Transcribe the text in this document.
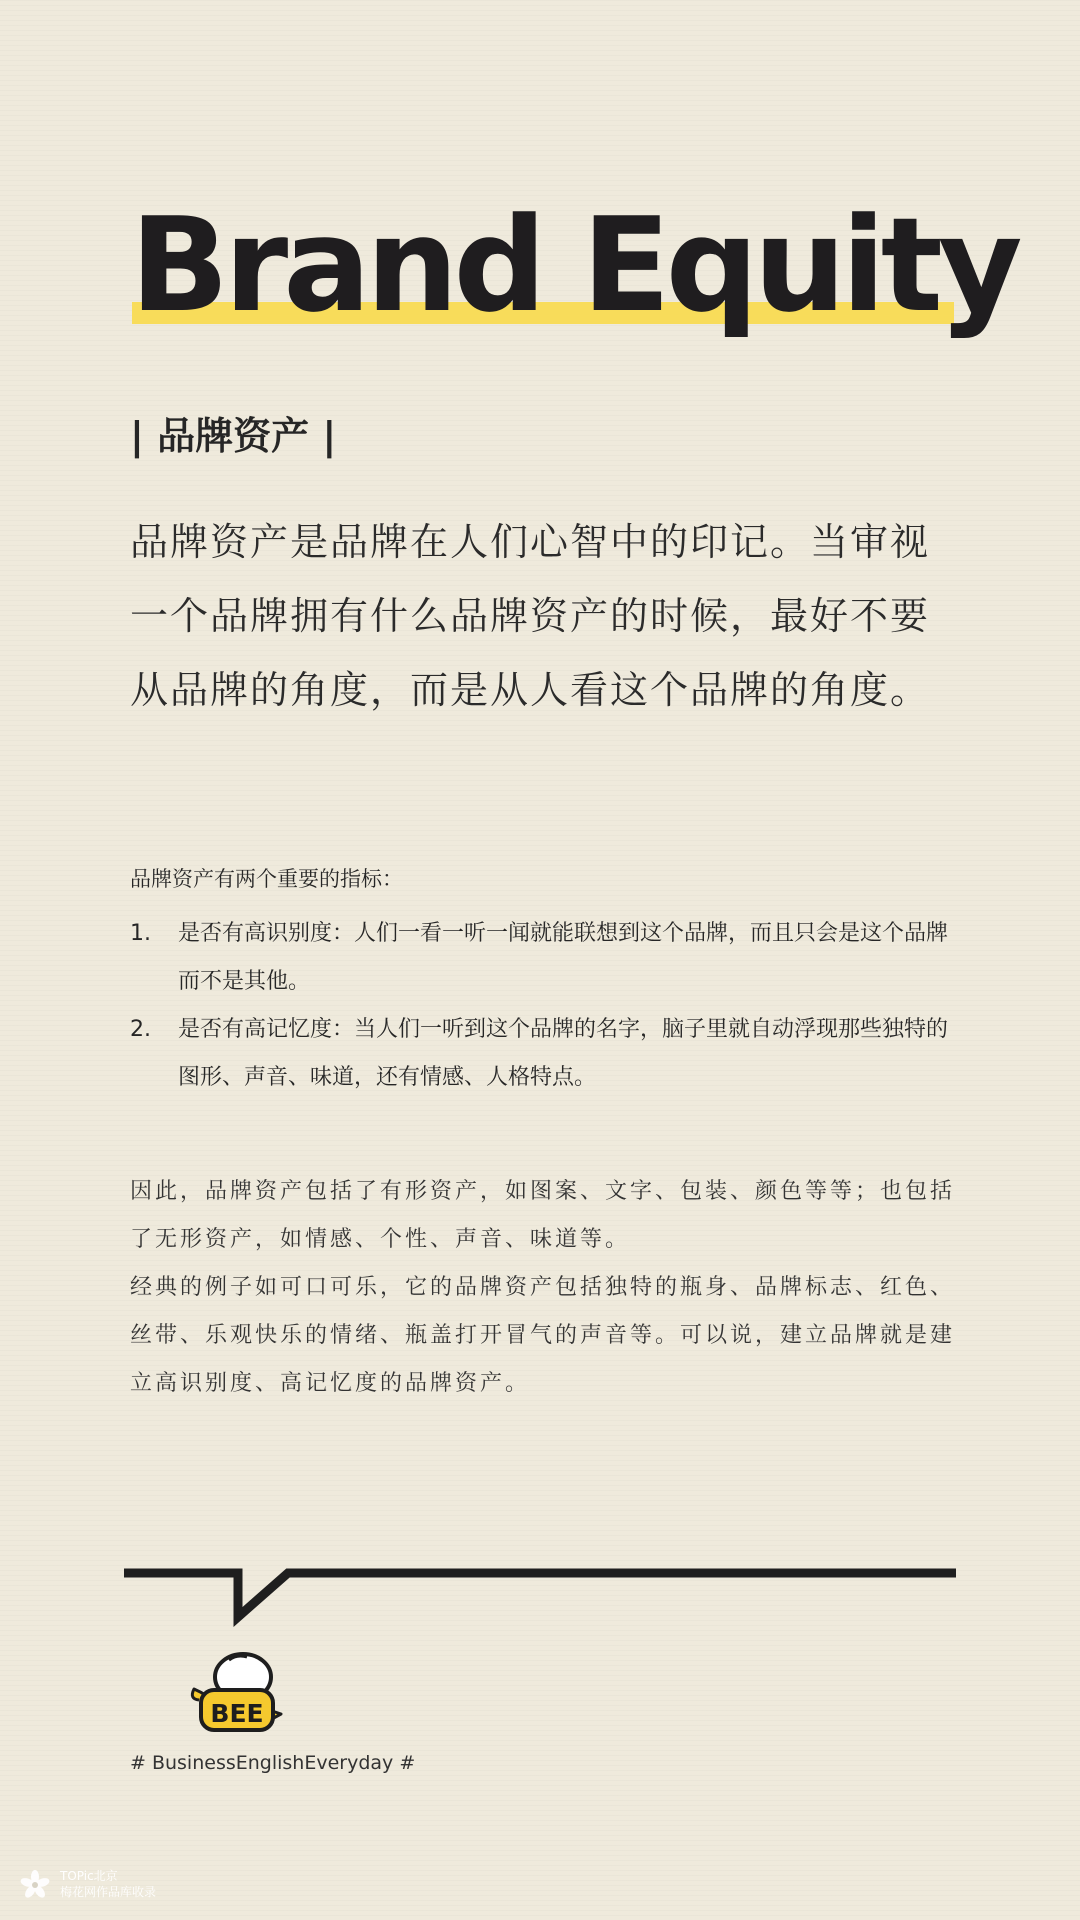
Brand Equity
| 品牌资产 |

品牌资产是品牌在人们心智中的印记。当审视一个品牌拥有什么品牌资产的时候，最好不要从品牌的角度，而是从人看这个品牌的角度。

品牌资产有两个重要的指标：
1. 是否有高识别度：人们一看一听一闻就能联想到这个品牌，而且只会是这个品牌而不是其他。
2. 是否有高记忆度：当人们一听到这个品牌的名字，脑子里就自动浮现那些独特的图形、声音、味道，还有情感、人格特点。
因此，品牌资产包括了有形资产，如图案、文字、包装、颜色等等；也包括了无形资产，如情感、个性、声音、味道等。
经典的例子如可口可乐，它的品牌资产包括独特的瓶身、品牌标志、红色、 丝带、乐观快乐的情绪、瓶盖打开冒气的声音等。可以说，建立品牌就是建立高识别度、高记忆度的品牌资产。
BEE
# BusinessEnglishEveryday #
TOPic北京
梅花网作品库收录
